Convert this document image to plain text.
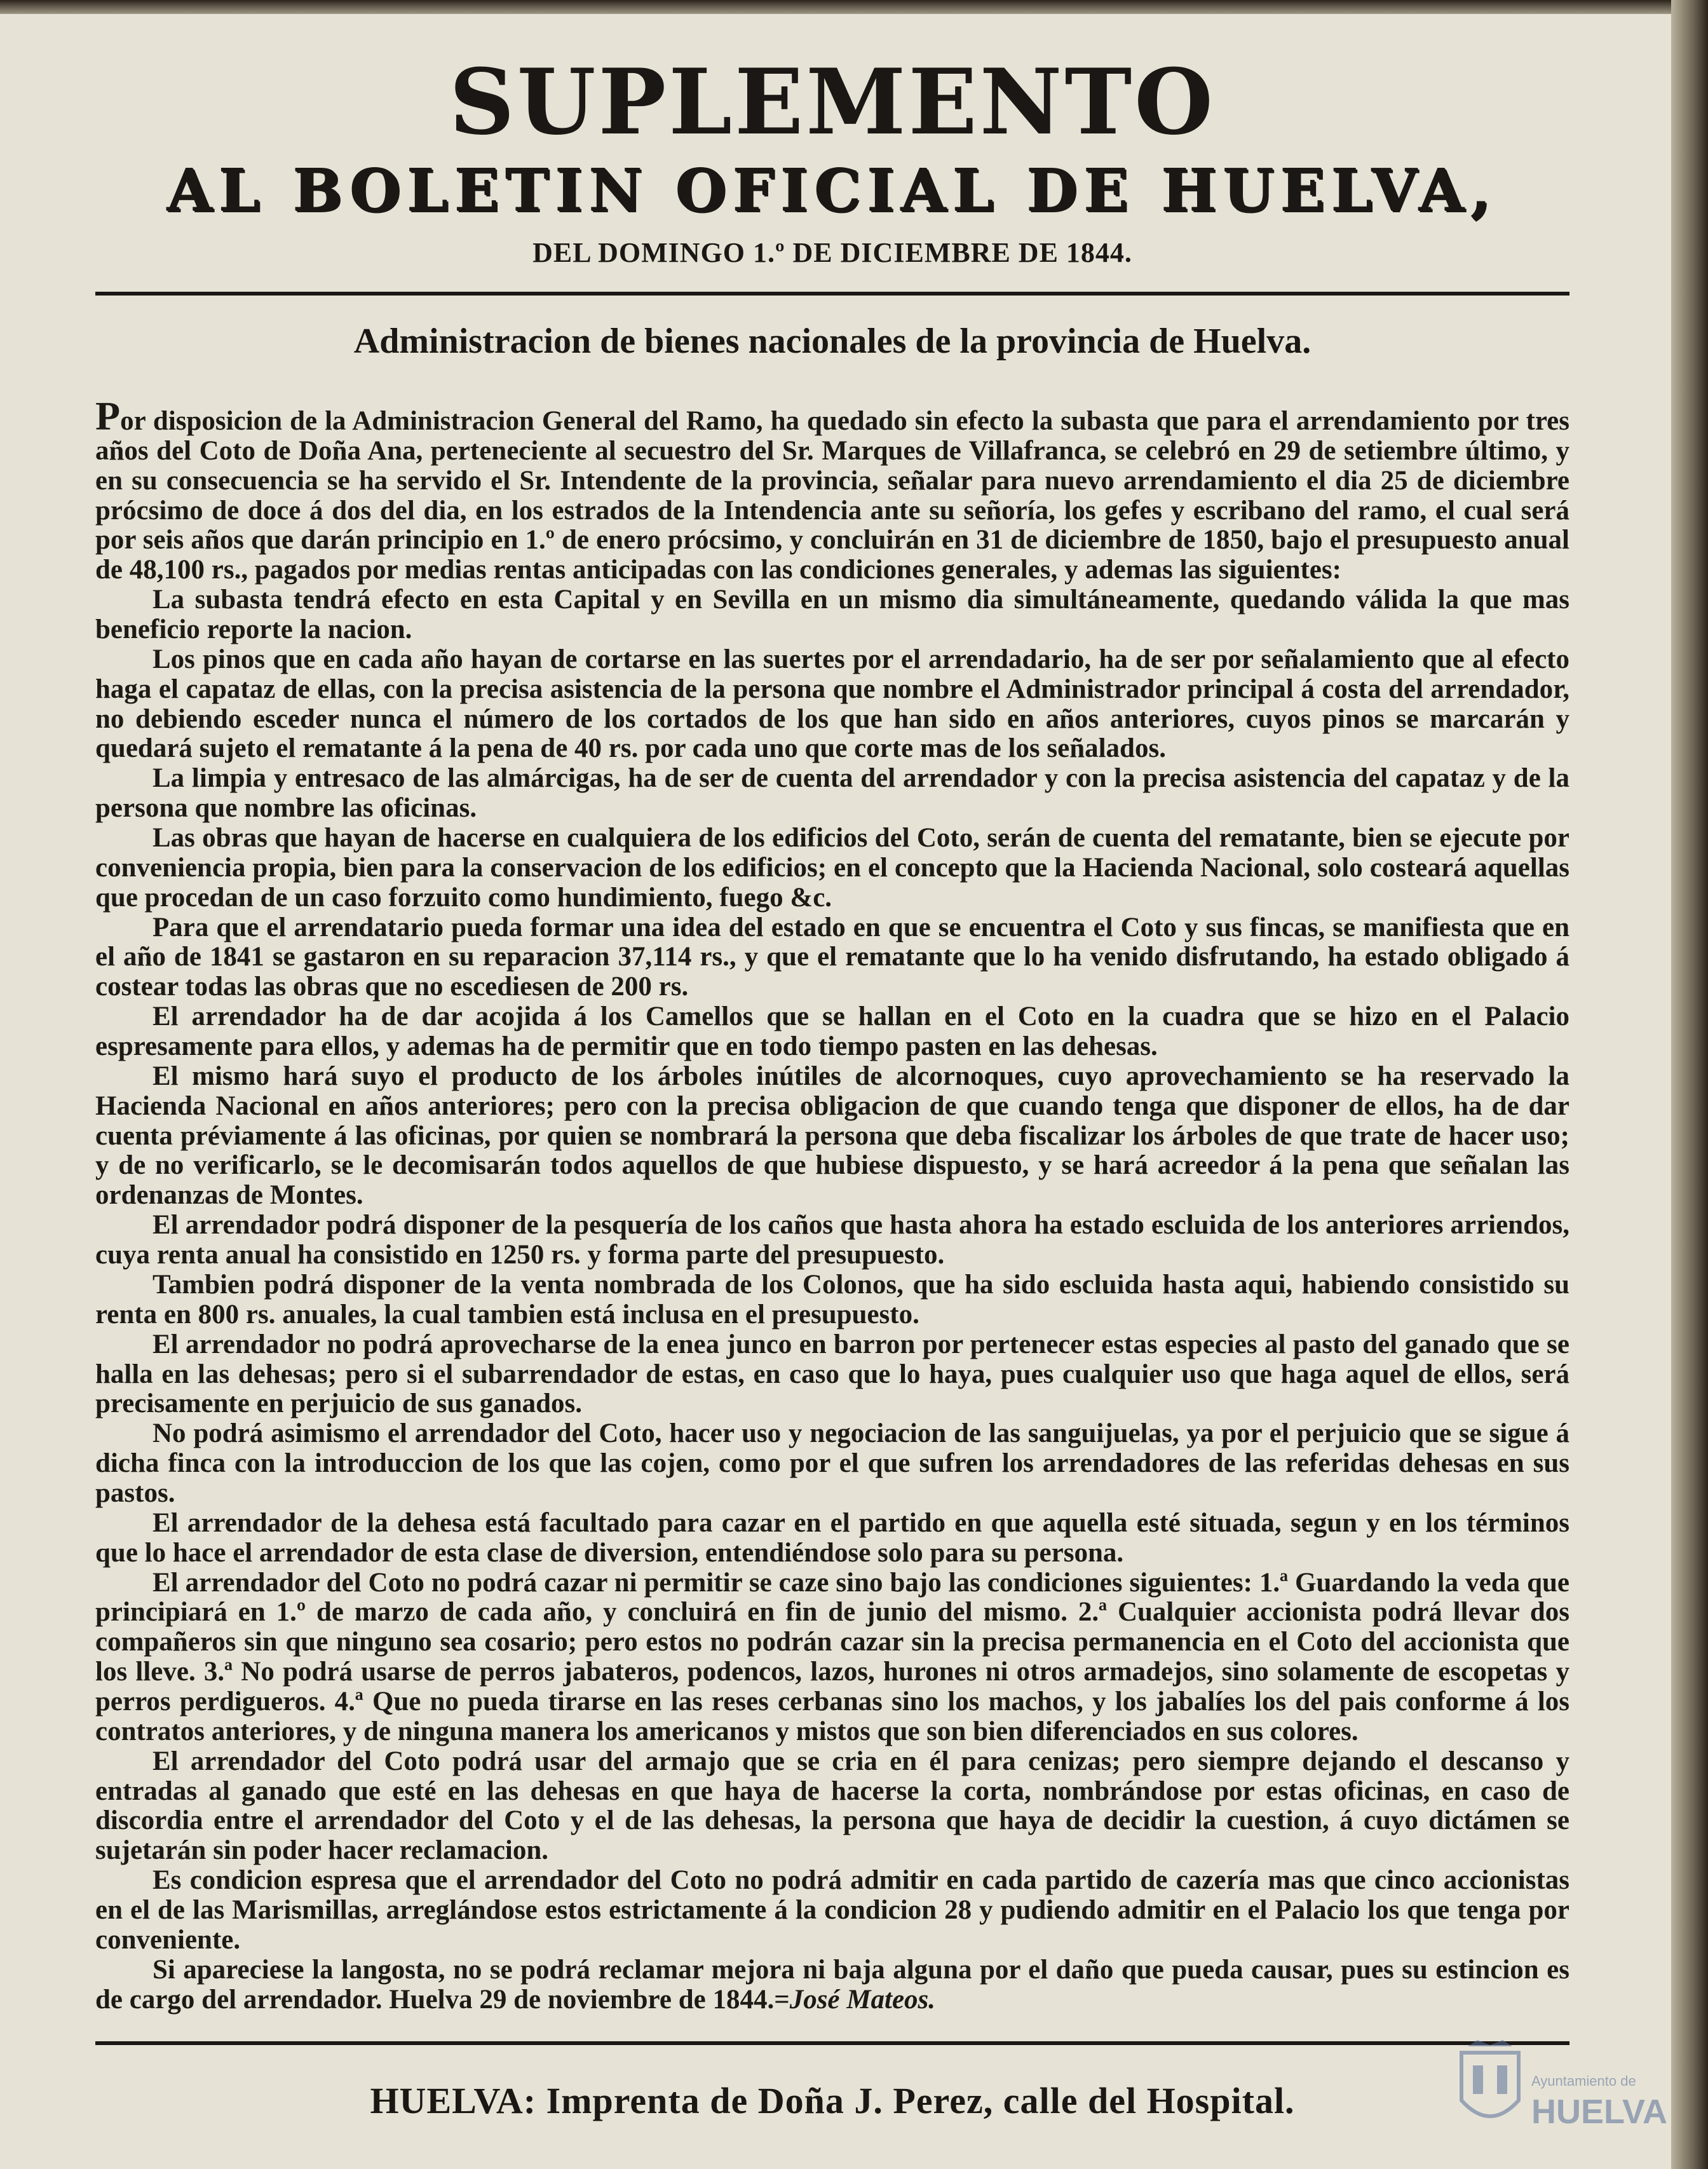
SUPLEMENTO
AL BOLETIN OFICIAL DE HUELVA,
DEL DOMINGO 1.º DE DICIEMBRE DE 1844.
Administracion de bienes nacionales de la provincia de Huelva.

Por disposicion de la Administracion General del Ramo, ha quedado sin efecto la subasta que para el arrendamiento por tres años del Coto de Doña Ana, perteneciente al secuestro del Sr. Marques de Villafranca, se celebró en 29 de setiembre último, y en su consecuencia se ha servido el Sr. Intendente de la provincia, señalar para nuevo arrendamiento el dia 25 de diciembre prócsimo de doce á dos del dia, en los estrados de la Intendencia ante su señoría, los gefes y escribano del ramo, el cual será por seis años que darán principio en 1.º de enero prócsimo, y concluirán en 31 de diciembre de 1850, bajo el presupuesto anual de 48,100 rs., pagados por medias rentas anticipadas con las condiciones generales, y ademas las siguientes:

La subasta tendrá efecto en esta Capital y en Sevilla en un mismo dia simultáneamente, quedando válida la que mas beneficio reporte la nacion.

Los pinos que en cada año hayan de cortarse en las suertes por el arrendadario, ha de ser por señalamiento que al efecto haga el capataz de ellas, con la precisa asistencia de la persona que nombre el Administrador principal á costa del arrendador, no debiendo esceder nunca el número de los cortados de los que han sido en años anteriores, cuyos pinos se marcarán y quedará sujeto el rematante á la pena de 40 rs. por cada uno que corte mas de los señalados.

La limpia y entresaco de las almárcigas, ha de ser de cuenta del arrendador y con la precisa asistencia del capataz y de la persona que nombre las oficinas.

Las obras que hayan de hacerse en cualquiera de los edificios del Coto, serán de cuenta del rematante, bien se ejecute por conveniencia propia, bien para la conservacion de los edificios; en el concepto que la Hacienda Nacional, solo costeará aquellas que procedan de un caso forzuito como hundimiento, fuego &c.

Para que el arrendatario pueda formar una idea del estado en que se encuentra el Coto y sus fincas, se manifiesta que en el año de 1841 se gastaron en su reparacion 37,114 rs., y que el rematante que lo ha venido disfrutando, ha estado obligado á costear todas las obras que no escediesen de 200 rs.

El arrendador ha de dar acojida á los Camellos que se hallan en el Coto en la cuadra que se hizo en el Palacio espresamente para ellos, y ademas ha de permitir que en todo tiempo pasten en las dehesas.

El mismo hará suyo el producto de los árboles inútiles de alcornoques, cuyo aprovechamiento se ha reservado la Hacienda Nacional en años anteriores; pero con la precisa obligacion de que cuando tenga que disponer de ellos, ha de dar cuenta préviamente á las oficinas, por quien se nombrará la persona que deba fiscalizar los árboles de que trate de hacer uso; y de no verificarlo, se le decomisarán todos aquellos de que hubiese dispuesto, y se hará acreedor á la pena que señalan las ordenanzas de Montes.

El arrendador podrá disponer de la pesquería de los caños que hasta ahora ha estado escluida de los anteriores arriendos, cuya renta anual ha consistido en 1250 rs. y forma parte del presupuesto.

Tambien podrá disponer de la venta nombrada de los Colonos, que ha sido escluida hasta aqui, habiendo consistido su renta en 800 rs. anuales, la cual tambien está inclusa en el presupuesto.

El arrendador no podrá aprovecharse de la enea junco en barron por pertenecer estas especies al pasto del ganado que se halla en las dehesas; pero si el subarrendador de estas, en caso que lo haya, pues cualquier uso que haga aquel de ellos, será precisamente en perjuicio de sus ganados.

No podrá asimismo el arrendador del Coto, hacer uso y negociacion de las sanguijuelas, ya por el perjuicio que se sigue á dicha finca con la introduccion de los que las cojen, como por el que sufren los arrendadores de las referidas dehesas en sus pastos.

El arrendador de la dehesa está facultado para cazar en el partido en que aquella esté situada, segun y en los términos que lo hace el arrendador de esta clase de diversion, entendiéndose solo para su persona.

El arrendador del Coto no podrá cazar ni permitir se caze sino bajo las condiciones siguientes: 1.ª Guardando la veda que principiará en 1.º de marzo de cada año, y concluirá en fin de junio del mismo. 2.ª Cualquier accionista podrá llevar dos compañeros sin que ninguno sea cosario; pero estos no podrán cazar sin la precisa permanencia en el Coto del accionista que los lleve. 3.ª No podrá usarse de perros jabateros, podencos, lazos, hurones ni otros armadejos, sino solamente de escopetas y perros perdigueros. 4.ª Que no pueda tirarse en las reses cerbanas sino los machos, y los jabalíes los del pais conforme á los contratos anteriores, y de ninguna manera los americanos y mistos que son bien diferenciados en sus colores.

El arrendador del Coto podrá usar del armajo que se cria en él para cenizas; pero siempre dejando el descanso y entradas al ganado que esté en las dehesas en que haya de hacerse la corta, nombrándose por estas oficinas, en caso de discordia entre el arrendador del Coto y el de las dehesas, la persona que haya de decidir la cuestion, á cuyo dictámen se sujetarán sin poder hacer reclamacion.

Es condicion espresa que el arrendador del Coto no podrá admitir en cada partido de cazería mas que cinco accionistas en el de las Marismillas, arreglándose estos estrictamente á la condicion 28 y pudiendo admitir en el Palacio los que tenga por conveniente.

Si apareciese la langosta, no se podrá reclamar mejora ni baja alguna por el daño que pueda causar, pues su estincion es de cargo del arrendador. Huelva 29 de noviembre de 1844.=José Mateos.

HUELVA: Imprenta de Doña J. Perez, calle del Hospital.	Ayuntamiento de
HUELVA
